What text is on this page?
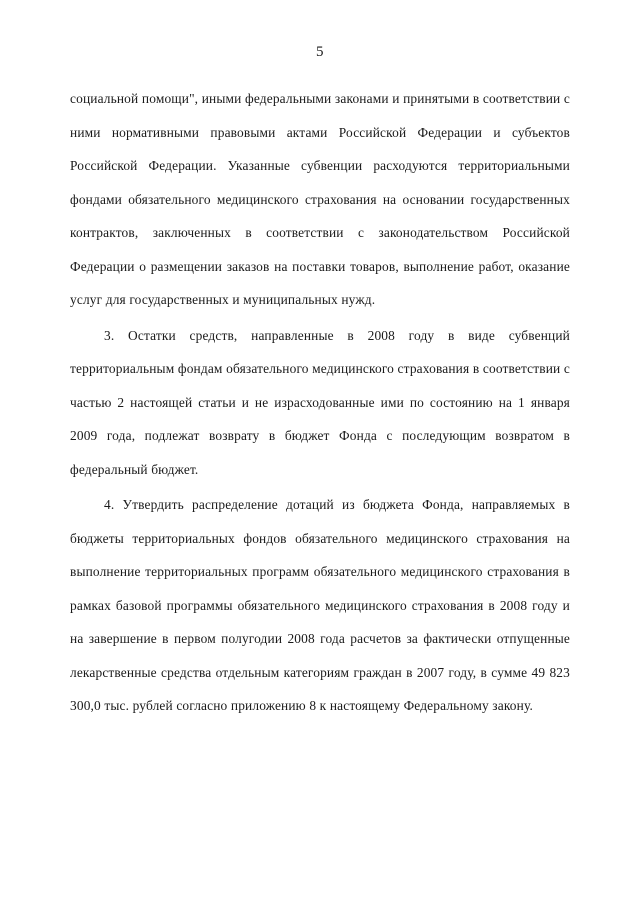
5

социальной помощи", иными федеральными законами и принятыми в соответствии с ними нормативными правовыми актами Российской Федерации и субъектов Российской Федерации. Указанные субвенции расходуются территориальными фондами обязательного медицинского страхования на основании государственных контрактов, заключенных в соответствии с законодательством Российской Федерации о размещении заказов на поставки товаров, выполнение работ, оказание услуг для государственных и муниципальных нужд.

3. Остатки средств, направленные в 2008 году в виде субвенций территориальным фондам обязательного медицинского страхования в соответствии с частью 2 настоящей статьи и не израсходованные ими по состоянию на 1 января 2009 года, подлежат возврату в бюджет Фонда с последующим возвратом в федеральный бюджет.

4. Утвердить распределение дотаций из бюджета Фонда, направляемых в бюджеты территориальных фондов обязательного медицинского страхования на выполнение территориальных программ обязательного медицинского страхования в рамках базовой программы обязательного медицинского страхования в 2008 году и на завершение в первом полугодии 2008 года расчетов за фактически отпущенные лекарственные средства отдельным категориям граждан в 2007 году, в сумме 49 823 300,0 тыс. рублей согласно приложению 8 к настоящему Федеральному закону.
